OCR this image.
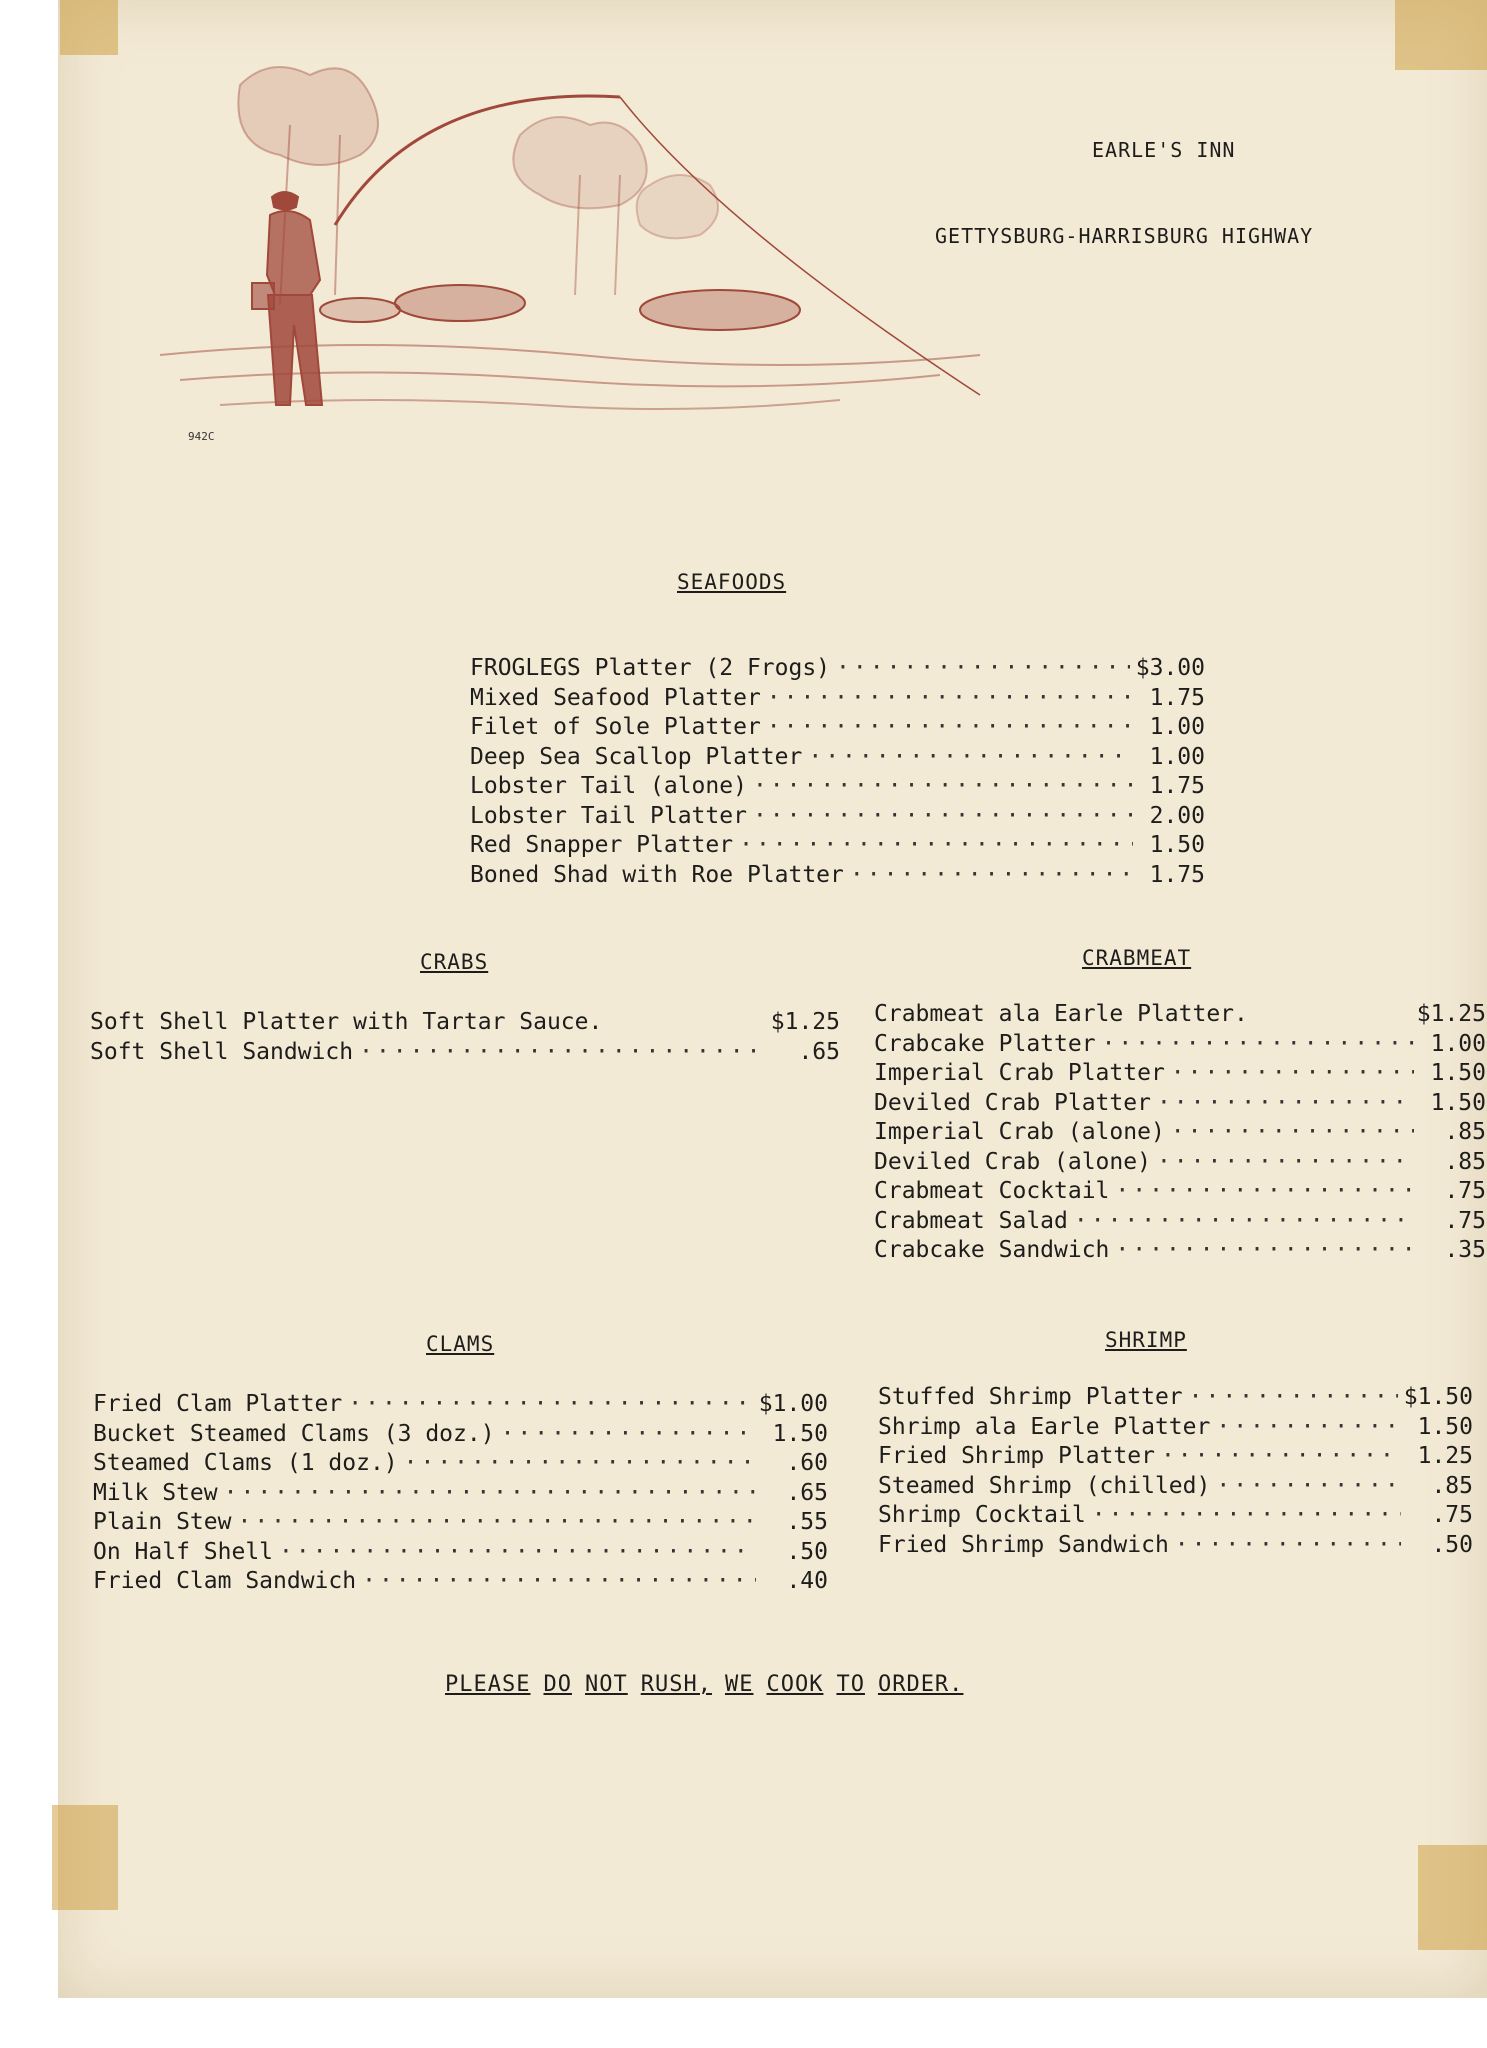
942C
EARLE'S INN
GETTYSBURG-HARRISBURG HIGHWAY
SEAFOODS
FROGLEGS Platter (2 Frogs) ·····	$3.00
Mixed Seafood Platter ·····	1.75
Filet of Sole Platter ·····	1.00
Deep Sea Scallop Platter ·····	1.00
Lobster Tail (alone) ·····	1.75
Lobster Tail Platter ·····	2.00
Red Snapper Platter ·····	1.50
Boned Shad with Roe Platter ·····	1.75
CRABS
Soft Shell Platter with Tartar Sauce.	$1.25
Soft Shell Sandwich ·····	.65
CRABMEAT
Crabmeat ala Earle Platter.	$1.25
Crabcake Platter ·····	1.00
Imperial Crab Platter ·····	1.50
Deviled Crab Platter ·····	1.50
Imperial Crab (alone) ·····	.85
Deviled Crab (alone) ·····	.85
Crabmeat Cocktail ·····	.75
Crabmeat Salad ·····	.75
Crabcake Sandwich ·····	.35
CLAMS
Fried Clam Platter ·····	$1.00
Bucket Steamed Clams (3 doz.) ·····	1.50
Steamed Clams (1 doz.) ·····	.60
Milk Stew ·····	.65
Plain Stew ·····	.55
On Half Shell ·····	.50
Fried Clam Sandwich ·····	.40
SHRIMP
Stuffed Shrimp Platter ·····	$1.50
Shrimp ala Earle Platter ·····	1.50
Fried Shrimp Platter ·····	1.25
Steamed Shrimp (chilled) ·····	.85
Shrimp Cocktail ·····	.75
Fried Shrimp Sandwich ·····	.50
PLEASE DO NOT RUSH, WE COOK TO ORDER.
